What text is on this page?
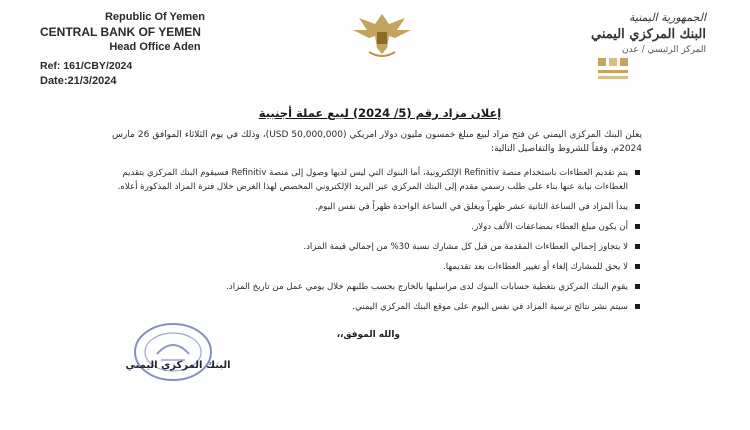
Republic Of Yemen
CENTRAL BANK OF YEMEN
Head Office Aden
Ref: 161/CBY/2024
Date:21/3/2024
الجمهورية اليمنية
البنك المركزي اليمني
المركز الرئيسي / عدن
إعلان مزاد رقم (5/ 2024) لبيع عملة أجنبية
يعلن البنك المركزي اليمني عن فتح مزاد لبيع مبلغ خمسون مليون دولار امريكي (50,000,000 USD)، وذلك في يوم الثلاثاء الموافق 26 مارس 2024م، وفقاً للشروط والتفاصيل التالية:
يتم تقديم العطاءات باستخدام منصة Refinitiv الإلكترونية، أما البنوك التي ليس لديها وصول إلى منصة Refinitiv فسيقوم البنك المركزي بتقديم العطاءات نيابة عنها بناء على طلب رسمي مقدم إلى البنك المركزي عبر البريد الإلكتروني المخصص لهذا الغرض خلال فترة المزاد المذكورة أعلاه.
يبدأ المزاد في الساعة الثانية عشر ظهراً ويغلق في الساعة الواحدة ظهراً في نفس اليوم.
أن يكون مبلغ العطاء بمضاعفات الألف دولار.
لا يتجاوز إجمالي العطاءات المقدمة من قبل كل مشارك نسبة 30% من إجمالي قيمة المزاد.
لا يحق للمشارك إلغاء أو تغيير العطاءات بعد تقديمها.
يقوم البنك المركزي بتغطية حسابات البنوك لدى مراسليها بالخارج بحسب طلبهم خلال يومي عمل من تاريخ المزاد.
سيتم نشر نتائج ترسية المزاد في نفس اليوم على موقع البنك المركزي اليمني.
والله الموفق،،
البنك المركزي اليمني
